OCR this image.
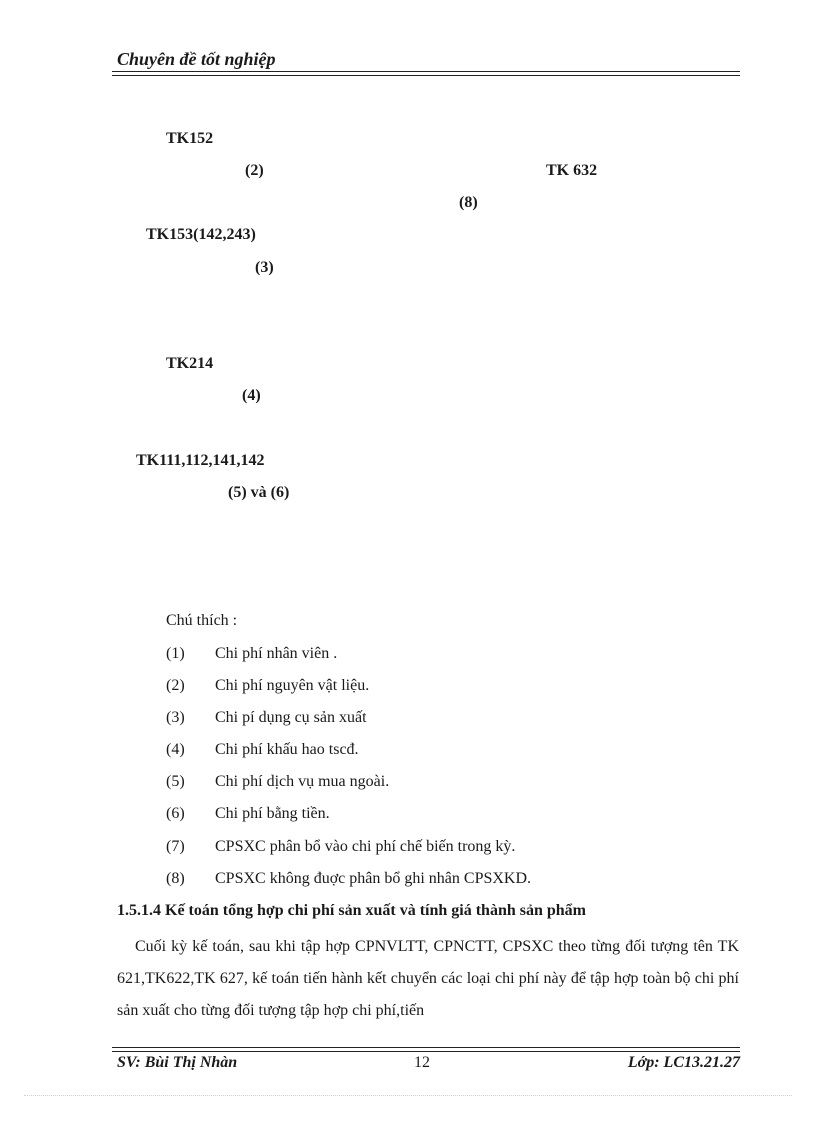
Chuyên đề tốt nghiệp
TK152
(2)	TK 632
(8)
TK153(142,243)
(3)
TK214
(4)
TK111,112,141,142
(5) và (6)
Chú thích :
(1) Chi phí nhân viên .
(2) Chi phí nguyên vật liệu.
(3) Chi pí dụng cụ sản xuất
(4) Chi phí khấu hao tscđ.
(5) Chi phí dịch vụ mua ngoài.
(6) Chi phí bằng tiền.
(7) CPSXC phân bổ vào chi phí chế biến trong kỳ.
(8) CPSXC không đuợc phân bổ ghi nhân CPSXKD.
1.5.1.4 Kế toán tổng hợp chi phí sản xuất và tính giá thành sản phẩm

Cuối kỳ kế toán, sau khi tập hợp CPNVLTT, CPNCTT, CPSXC theo từng đối tượng tên TK 621,TK622,TK 627, kế toán tiến hành kết chuyển các loại chi phí này để tập hợp toàn bộ chi phí sản xuất cho từng đối tượng tập hợp chi phí,tiến

SV: Bùi Thị Nhàn	12	Lớp: LC13.21.27
